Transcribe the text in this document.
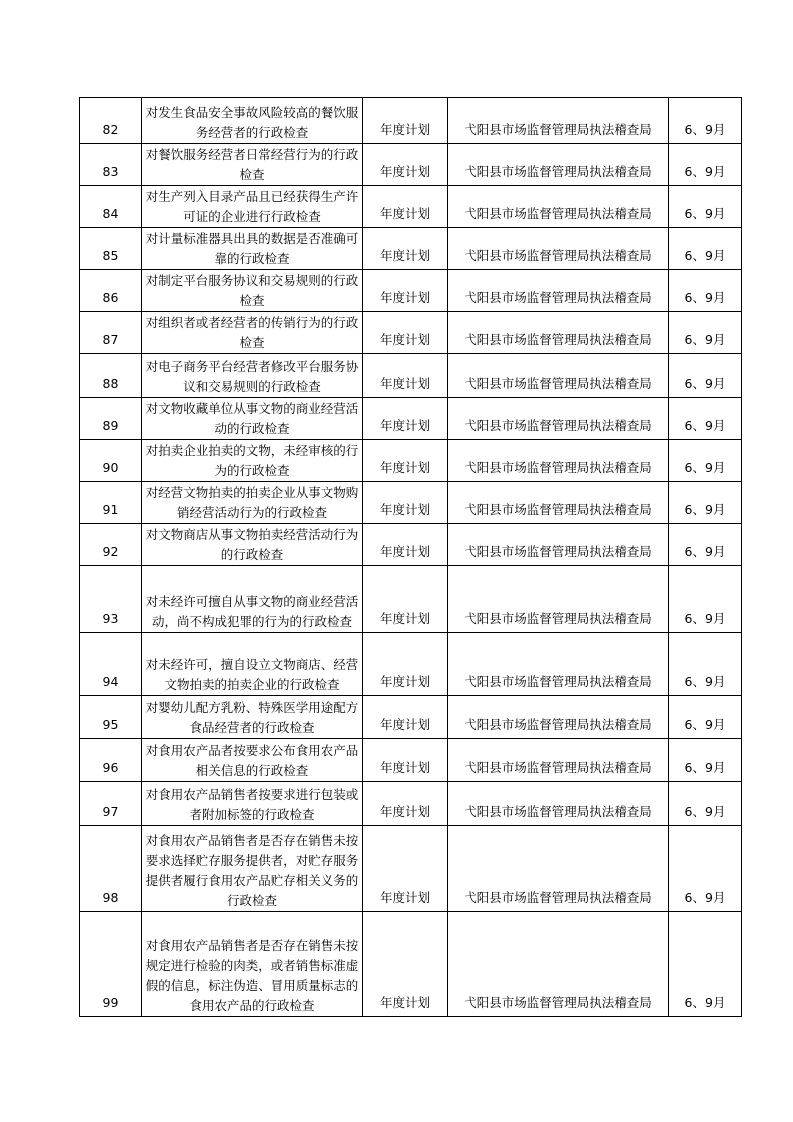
82	对发生食品安全事故风险较高的餐饮服务经营者的行政检查	年度计划	弋阳县市场监督管理局执法稽查局	6、9月

83	对餐饮服务经营者日常经营行为的行政检查	年度计划	弋阳县市场监督管理局执法稽查局	6、9月

84	对生产列入目录产品且已经获得生产许可证的企业进行行政检查	年度计划	弋阳县市场监督管理局执法稽查局	6、9月

85	对计量标准器具出具的数据是否准确可靠的行政检查	年度计划	弋阳县市场监督管理局执法稽查局	6、9月

86	对制定平台服务协议和交易规则的行政检查	年度计划	弋阳县市场监督管理局执法稽查局	6、9月

87	对组织者或者经营者的传销行为的行政检查	年度计划	弋阳县市场监督管理局执法稽查局	6、9月

88	对电子商务平台经营者修改平台服务协议和交易规则的行政检查	年度计划	弋阳县市场监督管理局执法稽查局	6、9月

89	对文物收藏单位从事文物的商业经营活动的行政检查	年度计划	弋阳县市场监督管理局执法稽查局	6、9月

90	对拍卖企业拍卖的文物，未经审核的行为的行政检查	年度计划	弋阳县市场监督管理局执法稽查局	6、9月

91	对经营文物拍卖的拍卖企业从事文物购销经营活动行为的行政检查	年度计划	弋阳县市场监督管理局执法稽查局	6、9月

92	对文物商店从事文物拍卖经营活动行为的行政检查	年度计划	弋阳县市场监督管理局执法稽查局	6、9月

93	对未经许可擅自从事文物的商业经营活动，尚不构成犯罪的行为的行政检查	年度计划	弋阳县市场监督管理局执法稽查局	6、9月

94	对未经许可，擅自设立文物商店、经营文物拍卖的拍卖企业的行政检查	年度计划	弋阳县市场监督管理局执法稽查局	6、9月

95	对婴幼儿配方乳粉、特殊医学用途配方食品经营者的行政检查	年度计划	弋阳县市场监督管理局执法稽查局	6、9月

96	对食用农产品者按要求公布食用农产品相关信息的行政检查	年度计划	弋阳县市场监督管理局执法稽查局	6、9月

97	对食用农产品销售者按要求进行包装或者附加标签的行政检查	年度计划	弋阳县市场监督管理局执法稽查局	6、9月

98	对食用农产品销售者是否存在销售未按要求选择贮存服务提供者，对贮存服务提供者履行食用农产品贮存相关义务的行政检查	年度计划	弋阳县市场监督管理局执法稽查局	6、9月

99	对食用农产品销售者是否存在销售未按规定进行检验的肉类，或者销售标准虚假的信息，标注伪造、冒用质量标志的食用农产品的行政检查	年度计划	弋阳县市场监督管理局执法稽查局	6、9月
